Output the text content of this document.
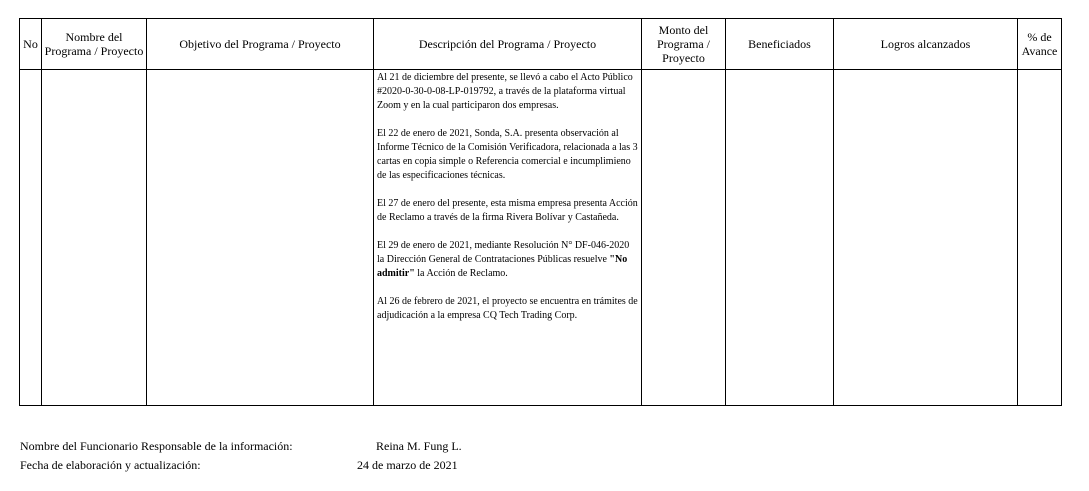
No	Nombre del Programa / Proyecto	Objetivo del Programa / Proyecto	Descripción del Programa / Proyecto	Monto del Programa / Proyecto	Beneficiados	Logros alcanzados	% de Avance

			Al 21 de diciembre del presente, se llevó a cabo el Acto Público #2020-0-30-0-08-LP-019792, a través de la plataforma virtual Zoom y en la cual participaron dos empresas.

El 22 de enero de 2021, Sonda, S.A. presenta observación al Informe Técnico de la Comisión Verificadora, relacionada a las 3 cartas en copia simple o Referencia comercial e incumplimieno de las especificaciones técnicas.

El 27 de enero del presente, esta misma empresa presenta Acción de Reclamo a través de la firma Rivera Bolívar y Castañeda.

El 29 de enero de 2021, mediante Resolución N° DF-046-2020 la Dirección General de Contrataciones Públicas resuelve "No admitir" la Acción de Reclamo.

Al 26 de febrero de 2021, el proyecto se encuentra en trámites de adjudicación a la empresa CQ Tech Trading Corp.				

Nombre del Funcionario Responsable de la información:	Reina M. Fung L.
Fecha de elaboración y actualización:	24 de marzo de 2021
